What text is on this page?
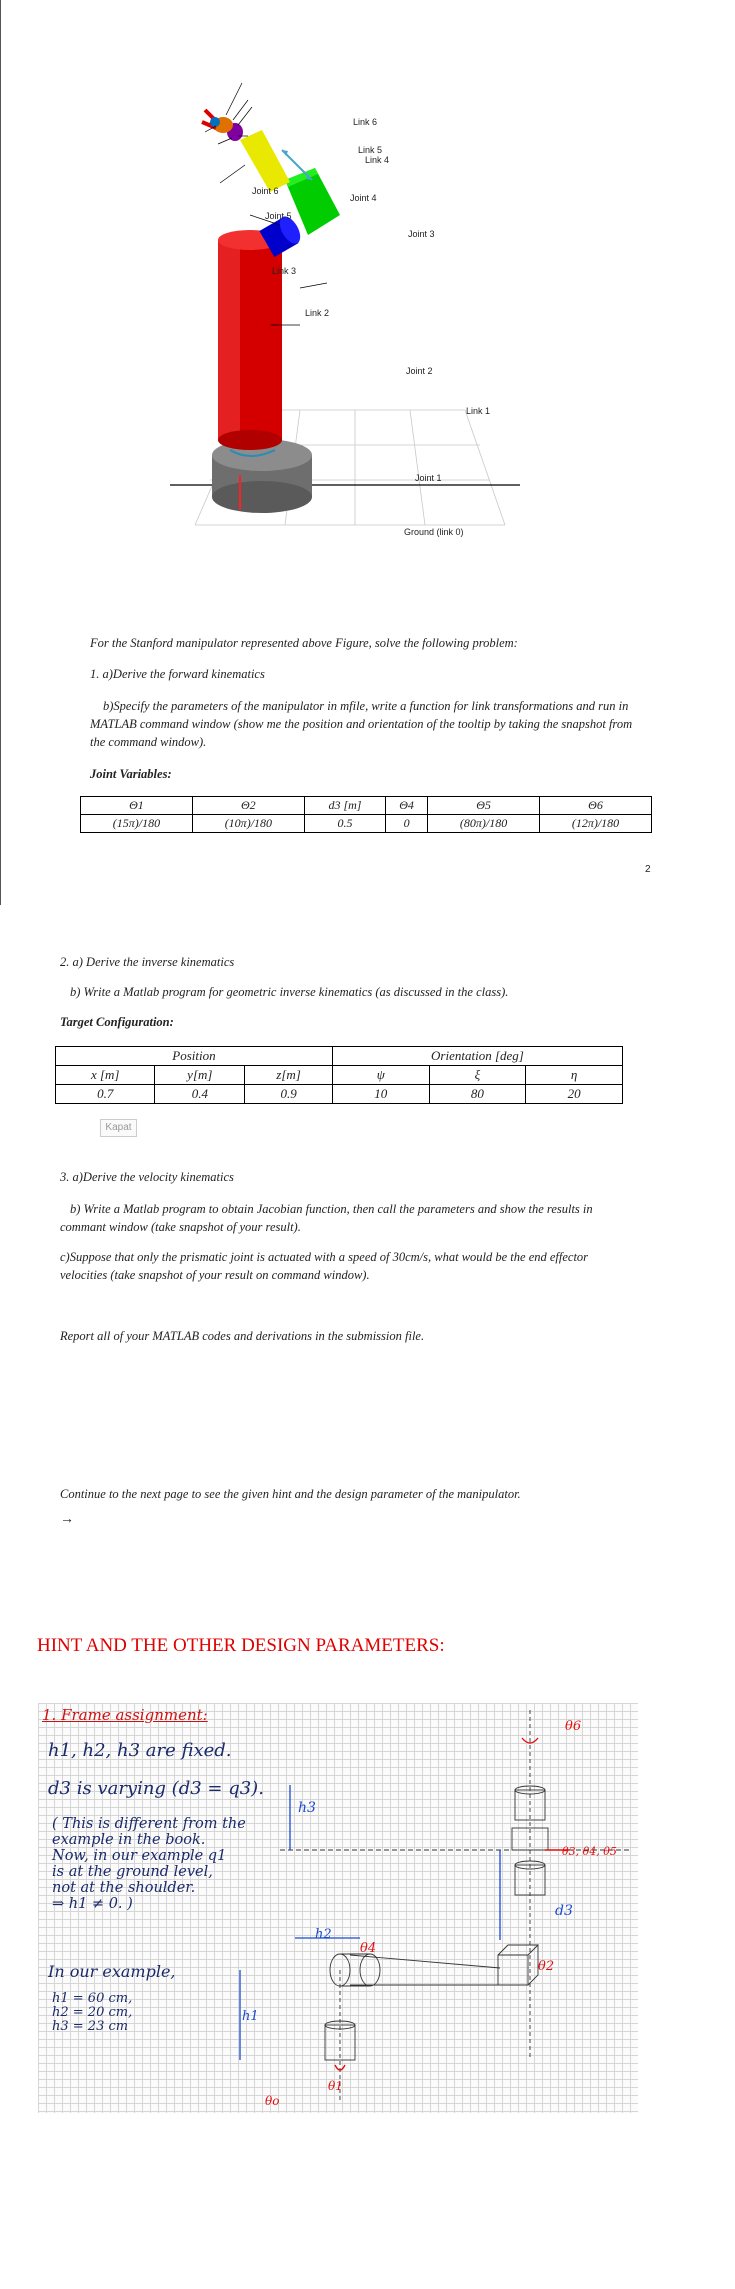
Link 6
Link 5
Link 4
Joint 6
Joint 4
Joint 5
Joint 3
Link 3
Link 2
Joint 2
Link 1
Joint 1
Ground (link 0)
For the Stanford manipulator represented above Figure, solve the following problem:
1. a)Derive the forward kinematics
b)Specify the parameters of the manipulator in mfile, write a function for link transformations and run in MATLAB command window (show me the position and orientation of the tooltip by taking the snapshot from the command window).
Joint Variables:
Θ1	Θ2	d3 [m]	Θ4	Θ5	Θ6
(15π)/180	(10π)/180	0.5	0	(80π)/180	(12π)/180
2
2. a) Derive the inverse kinematics
b) Write a Matlab program for geometric inverse kinematics (as discussed in the class).
Target Configuration:
Position			Orientation [deg]		
x [m]	y[m]	z[m]	ψ	ξ	η
0.7	0.4	0.9	10	80	20
Kapat
3. a)Derive the velocity kinematics
b) Write a Matlab program to obtain Jacobian function, then call the parameters and show the results in commant window (take snapshot of your result).
c)Suppose that only the prismatic joint is actuated with a speed of 30cm/s, what would be the end effector velocities (take snapshot of your result on command window).
Report all of your MATLAB codes and derivations in the submission file.
Continue to the next page to see the given hint and the design parameter of the manipulator.
→
HINT AND THE OTHER DESIGN PARAMETERS:
1. Frame assignment:
h1, h2, h3 are fixed.
d3 is varying (d3 = q3).
( This is different from the
example in the book.
Now, in our example q1
is at the ground level,
not at the shoulder.
⇒ h1 ≠ 0. )
In our example,
h1 = 60 cm,
h2 = 20 cm,
h3 = 23 cm
θ6
h3
h2
h1
θ4
θ2
d3
θ1
θ3, θ4, θ5
θo
